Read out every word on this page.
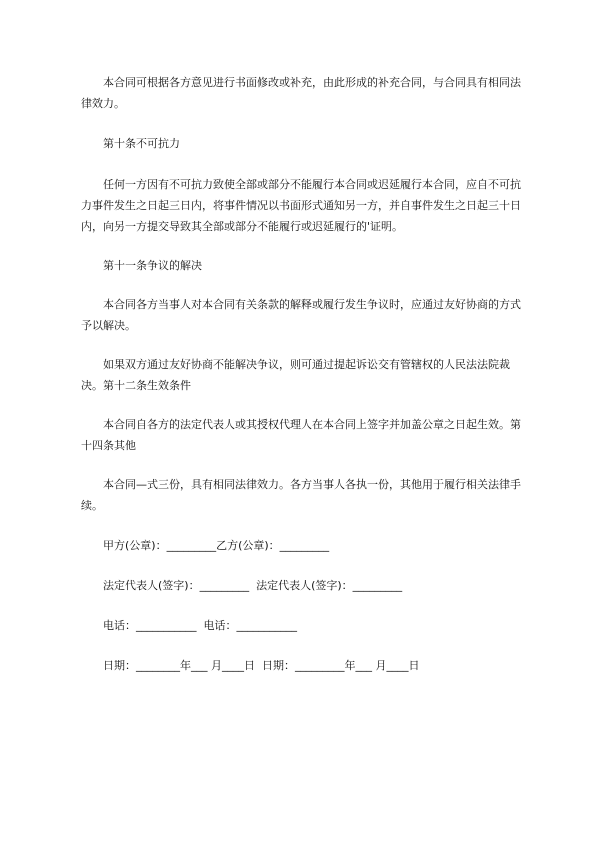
本合同可根据各方意见进行书面修改或补充，由此形成的补充合同，与合同具有相同法律效力。
第十条不可抗力
任何一方因有不可抗力致使全部或部分不能履行本合同或迟延履行本合同，应自不可抗力事件发生之日起三日内，将事件情况以书面形式通知另一方，并自事件发生之日起三十日内，向另一方提交导致其全部或部分不能履行或迟延履行的'证明。
第十一条争议的解决
本合同各方当事人对本合同有关条款的解释或履行发生争议时，应通过友好协商的方式予以解决。
如果双方通过友好协商不能解决争议，则可通过提起诉讼交有管辖权的人民法法院裁决。第十二条生效条件
本合同自各方的法定代表人或其授权代理人在本合同上签字并加盖公章之日起生效。第十四条其他
本合同—式三份，具有相同法律效力。各方当事人各执一份，其他用于履行相关法律手续。
甲方(公章)：_________乙方(公章)：_________
法定代表人(签字)：_________  法定代表人(签字)：_________
电话：___________  电话：___________
日期：________年___ 月____日  日期：_________年___ 月____日
